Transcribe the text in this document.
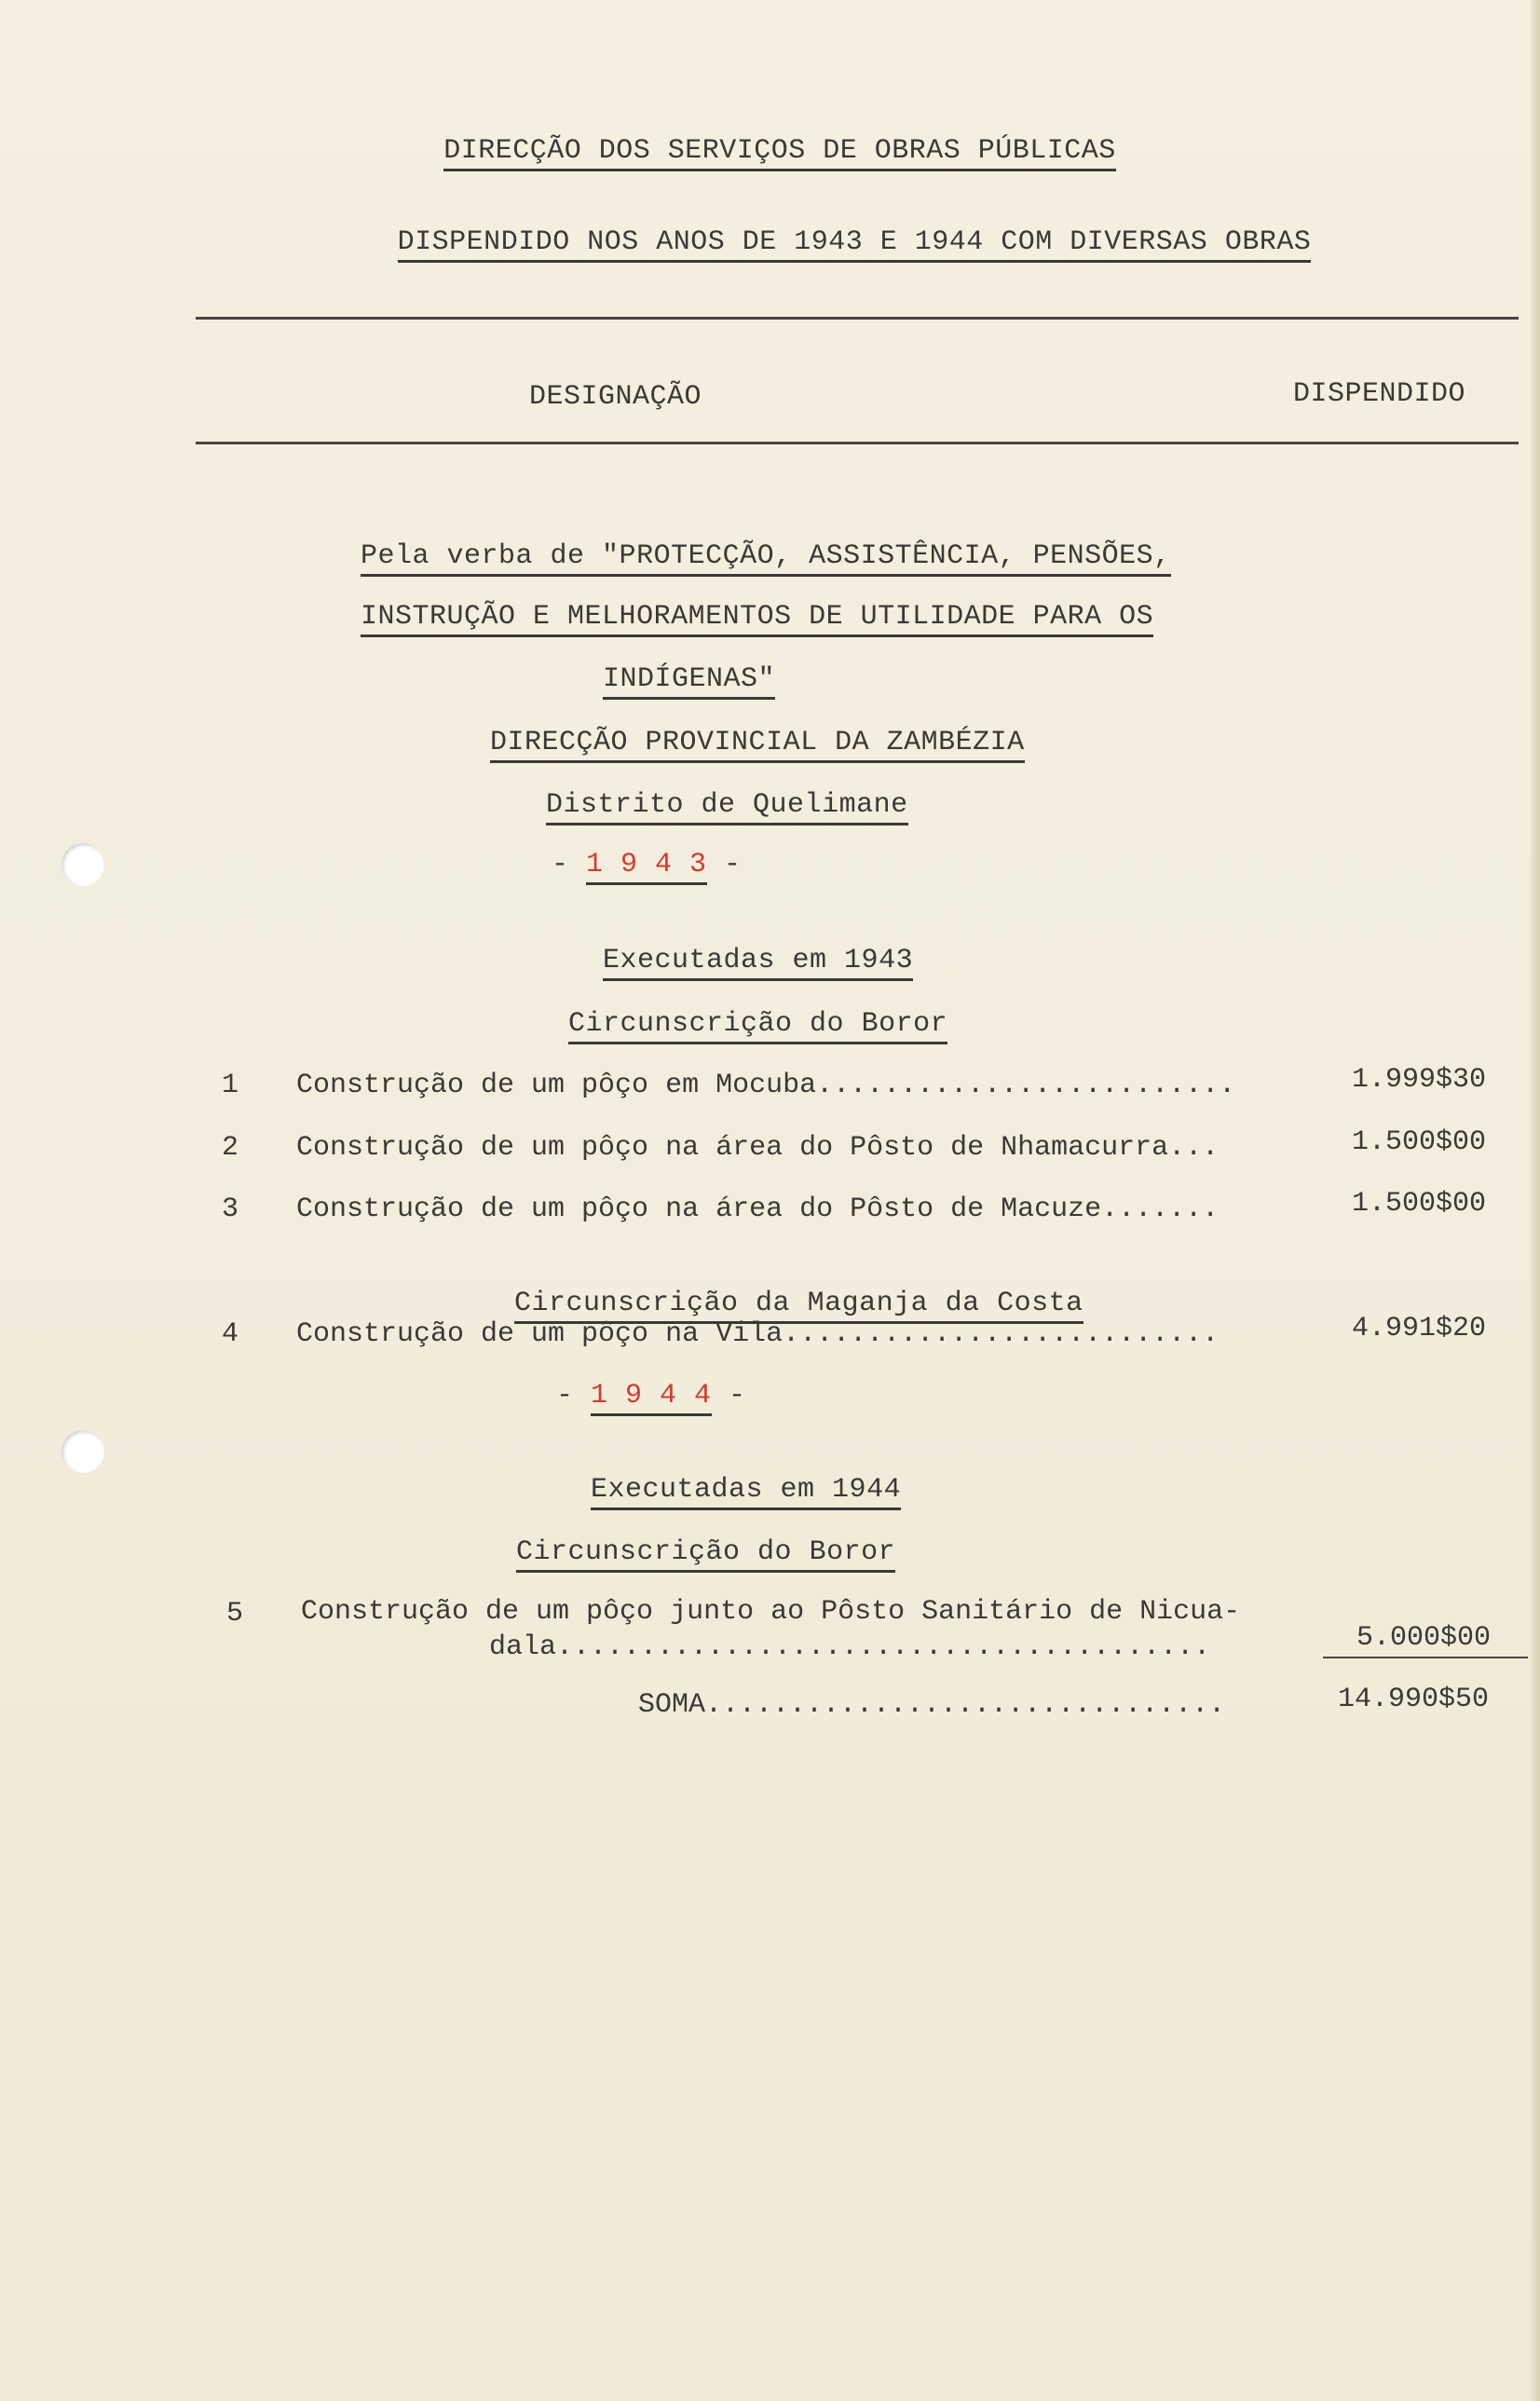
DIRECÇÃO DOS SERVIÇOS DE OBRAS PÚBLICAS

DISPENDIDO NOS ANOS DE 1943 E 1944 COM DIVERSAS OBRAS

DESIGNAÇÃO	DISPENDIDO

Pela verba de "PROTECÇÃO, ASSISTÊNCIA, PENSÕES,

INSTRUÇÃO E MELHORAMENTOS DE UTILIDADE PARA OS

INDÍGENAS"

DIRECÇÃO PROVINCIAL DA ZAMBÉZIA

Distrito de Quelimane

- 1 9 4 3 -

Executadas em 1943

Circunscrição do Boror

1 Construção de um pôço em Mocuba.........................	1.999$30
2 Construção de um pôço na área do Pôsto de Nhamacurra...	1.500$00
3 Construção de um pôço na área do Pôsto de Macuze.......	1.500$00

Circunscrição da Maganja da Costa

4 Construção de um pôço na Vila..........................	4.991$20
- 1 9 4 4 -

Executadas em 1944

Circunscrição do Boror

5 Construção de um pôço junto ao Pôsto Sanitário de Nicua-
dala.......................................	5.000$00
SOMA...............................	14.990$50
